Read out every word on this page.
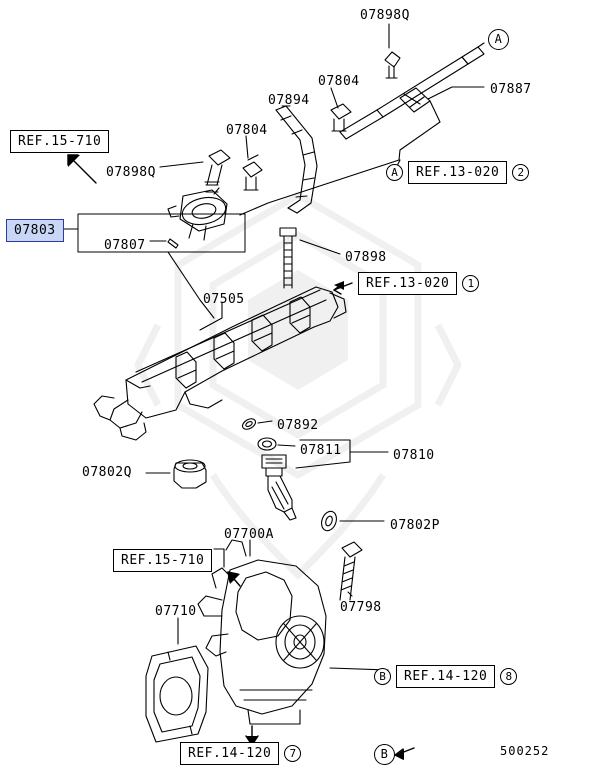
07898Q
07804
07894
07887
07804
07898Q
07807
07898
07505
07892
07811	07810
07802Q
07802P
07700A
07798
07710
07803
REF.15-710
A	REF.13-020	2
REF.13-020	1
REF.15-710
B	REF.14-120	8
REF.14-120	7
A
B	500252
